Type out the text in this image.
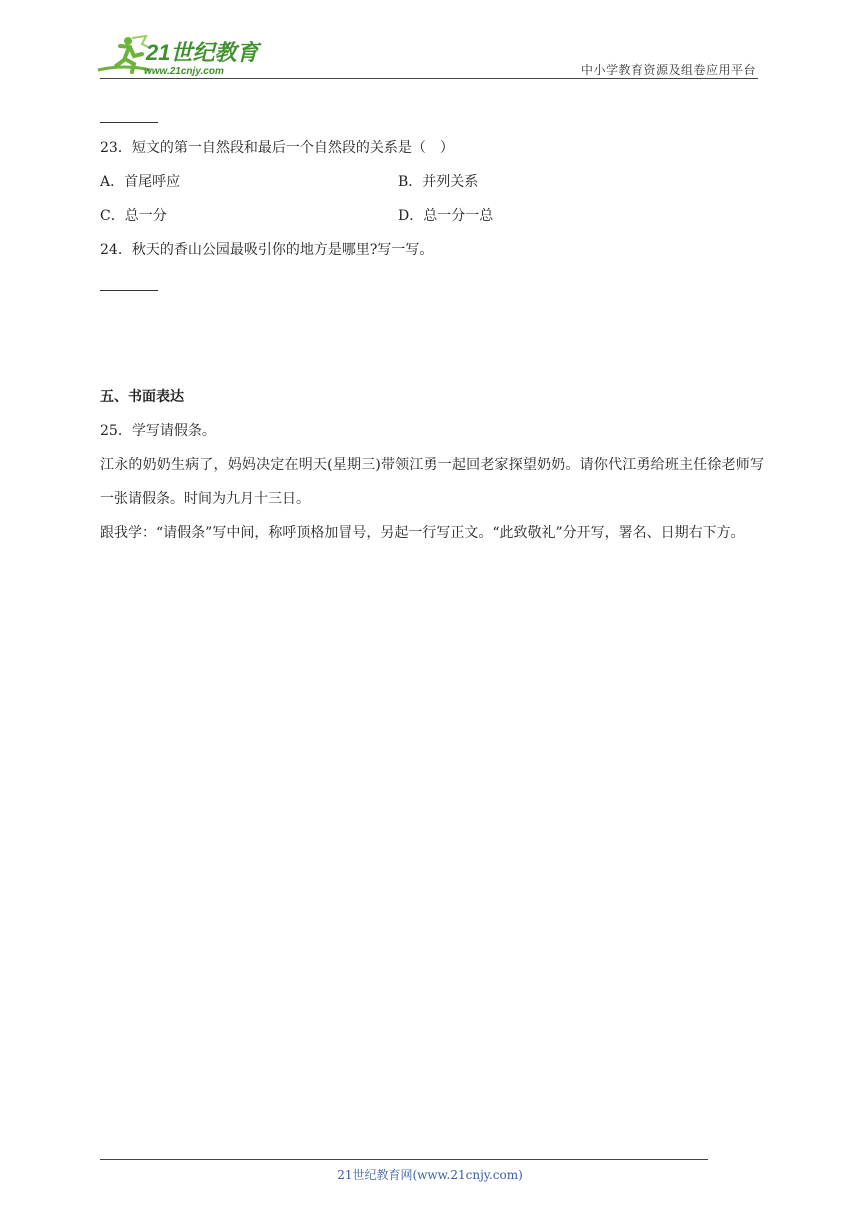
21世纪教育
www.21cnjy.com	中小学教育资源及组卷应用平台
23．短文的第一自然段和最后一个自然段的关系是（　）
A．首尾呼应	B．并列关系
C．总一分	D．总一分一总
24．秋天的香山公园最吸引你的地方是哪里?写一写。
五、书面表达
25．学写请假条。
江永的奶奶生病了，妈妈决定在明天(星期三)带领江勇一起回老家探望奶奶。请你代江勇给班主任徐老师写一张请假条。时间为九月十三日。
跟我学：“请假条”写中间，称呼顶格加冒号，另起一行写正文。“此致敬礼”分开写，署名、日期右下方。
21世纪教育网(www.21cnjy.com)
